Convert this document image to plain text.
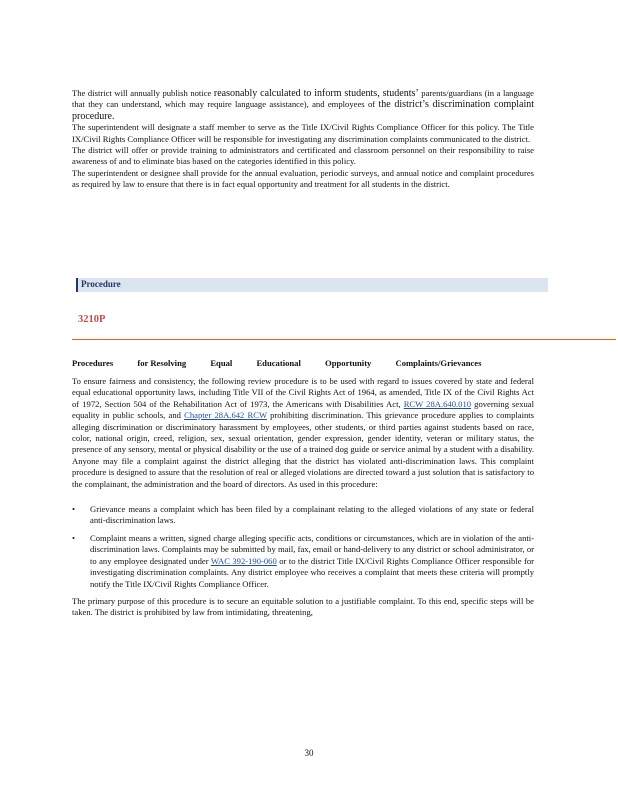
The district will annually publish notice reasonably calculated to inform students, students’ parents/guardians (in a language that they can understand, which may require language assistance), and employees of the district’s discrimination complaint procedure.

The superintendent will designate a staff member to serve as the Title IX/Civil Rights Compliance Officer for this policy. The Title IX/Civil Rights Compliance Officer will be responsible for investigating any discrimination complaints communicated to the district.

The district will offer or provide training to administrators and certificated and classroom personnel on their responsibility to raise awareness of and to eliminate bias based on the categories identified in this policy.

The superintendent or designee shall provide for the annual evaluation, periodic surveys, and annual notice and complaint procedures as required by law to ensure that there is in fact equal opportunity and treatment for all students in the district.

Procedure
3210P
Procedures	for Resolving	Equal	Educational	Opportunity	Complaints/Grievances

To ensure fairness and consistency, the following review procedure is to be used with regard to issues covered by state and federal equal educational opportunity laws, including Title VII of the Civil Rights Act of 1964, as amended, Title IX of the Civil Rights Act of 1972, Section 504 of the Rehabilitation Act of 1973, the Americans with Disabilities Act, RCW 28A.640.010 governing sexual equality in public schools, and Chapter 28A.642 RCW prohibiting discrimination. This grievance procedure applies to complaints alleging discrimination or discriminatory harassment by employees, other students, or third parties against students based on race, color, national origin, creed, religion, sex, sexual orientation, gender expression, gender identity, veteran or military status, the presence of any sensory, mental or physical disability or the use of a trained dog guide or service animal by a student with a disability. Anyone may file a complaint against the district alleging that the district has violated anti-discrimination laws. This complaint procedure is designed to assure that the resolution of real or alleged violations are directed toward a just solution that is satisfactory to the complainant, the administration and the board of directors. As used in this procedure:

• Grievance means a complaint which has been filed by a complainant relating to the alleged violations of any state or federal anti-discrimination laws.
• Complaint means a written, signed charge alleging specific acts, conditions or circumstances, which are in violation of the anti-discrimination laws. Complaints may be submitted by mail, fax, email or hand-delivery to any district or school administrator, or to any employee designated under WAC 392-190-060 or to the district Title IX/Civil Rights Compliance Officer responsible for investigating discrimination complaints. Any district employee who receives a complaint that meets these criteria will promptly notify the Title IX/Civil Rights Compliance Officer.

The primary purpose of this procedure is to secure an equitable solution to a justifiable complaint. To this end, specific steps will be taken. The district is prohibited by law from intimidating, threatening,

30
